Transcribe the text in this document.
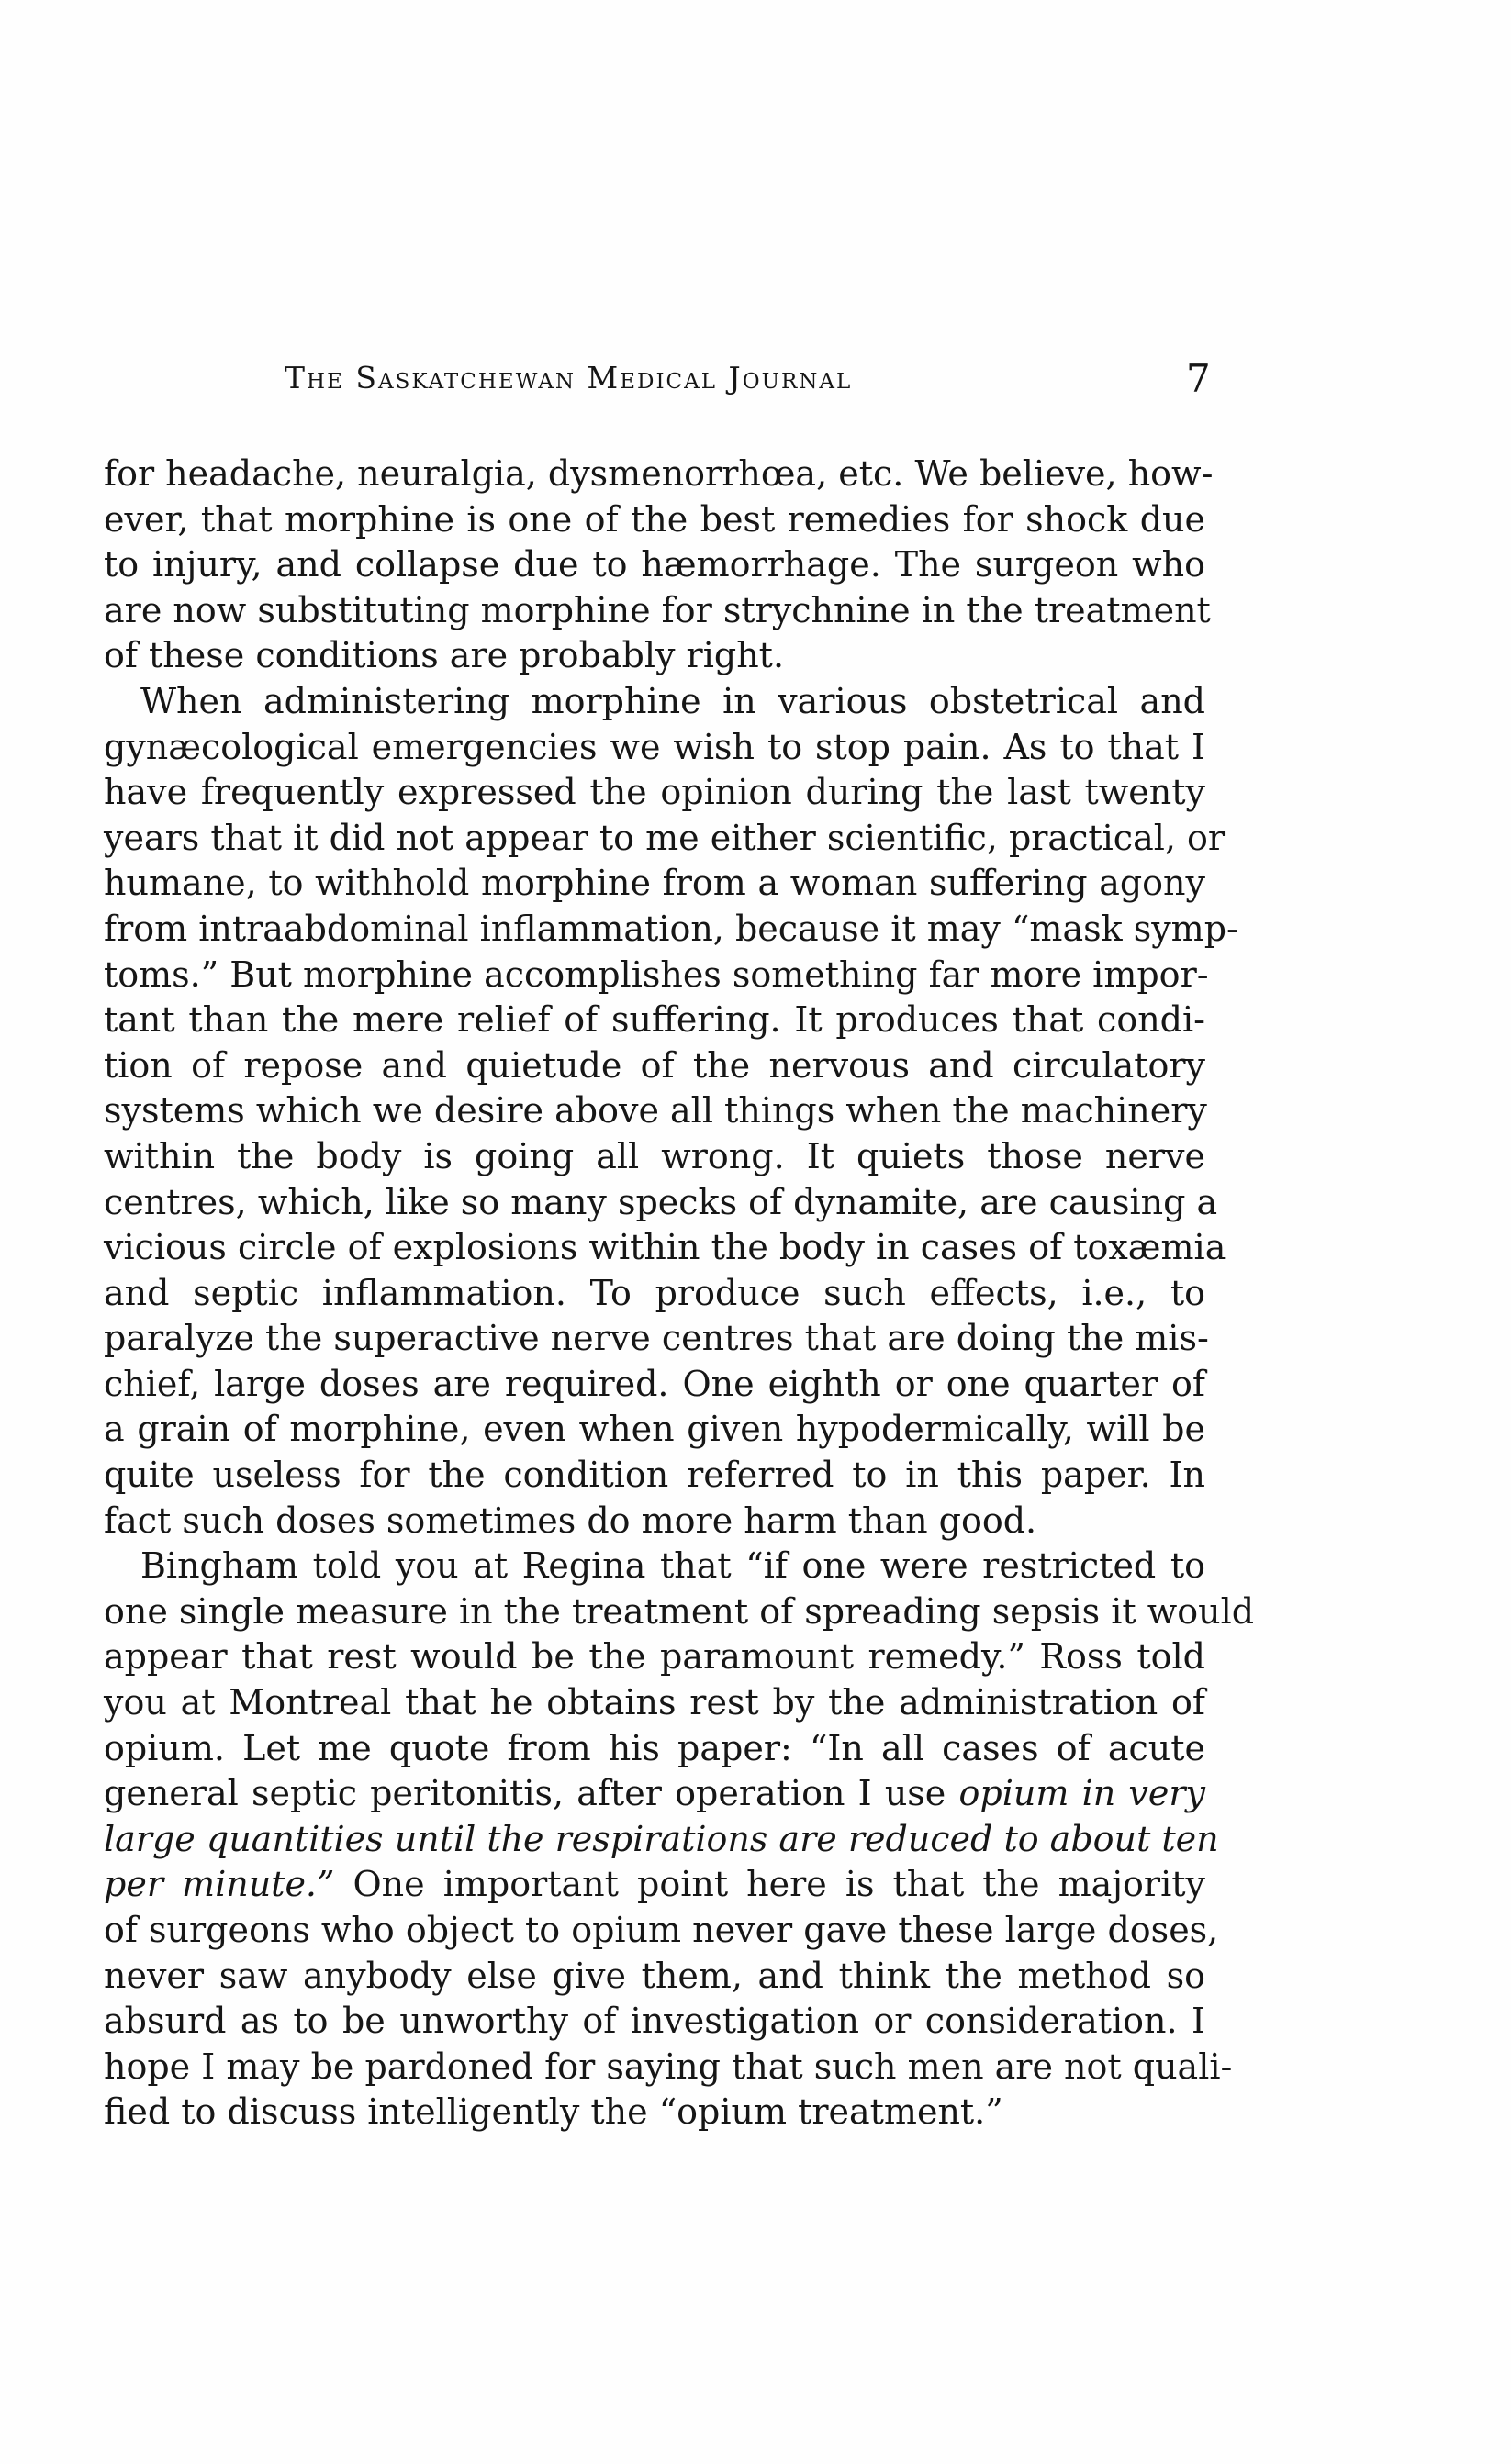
The Saskatchewan Medical Journal	7
for headache, neuralgia, dysmenorrhœa, etc. We believe, how-
ever, that morphine is one of the best remedies for shock due
to injury, and collapse due to hæmorrhage. The surgeon who
are now substituting morphine for strychnine in the treatment
of these conditions are probably right.
When administering morphine in various obstetrical and
gynæcological emergencies we wish to stop pain. As to that I
have frequently expressed the opinion during the last twenty
years that it did not appear to me either scientific, practical, or
humane, to withhold morphine from a woman suffering agony
from intraabdominal inflammation, because it may “mask symp-
toms.” But morphine accomplishes something far more impor-
tant than the mere relief of suffering. It produces that condi-
tion of repose and quietude of the nervous and circulatory
systems which we desire above all things when the machinery
within the body is going all wrong. It quiets those nerve
centres, which, like so many specks of dynamite, are causing a
vicious circle of explosions within the body in cases of toxæmia
and septic inflammation. To produce such effects, i.e., to
paralyze the superactive nerve centres that are doing the mis-
chief, large doses are required. One eighth or one quarter of
a grain of morphine, even when given hypodermically, will be
quite useless for the condition referred to in this paper. In
fact such doses sometimes do more harm than good.
Bingham told you at Regina that “if one were restricted to
one single measure in the treatment of spreading sepsis it would
appear that rest would be the paramount remedy.” Ross told
you at Montreal that he obtains rest by the administration of
opium. Let me quote from his paper: “In all cases of acute
general septic peritonitis, after operation I use opium in very
large quantities until the respirations are reduced to about ten
per minute.” One important point here is that the majority
of surgeons who object to opium never gave these large doses,
never saw anybody else give them, and think the method so
absurd as to be unworthy of investigation or consideration. I
hope I may be pardoned for saying that such men are not quali-
fied to discuss intelligently the “opium treatment.”
